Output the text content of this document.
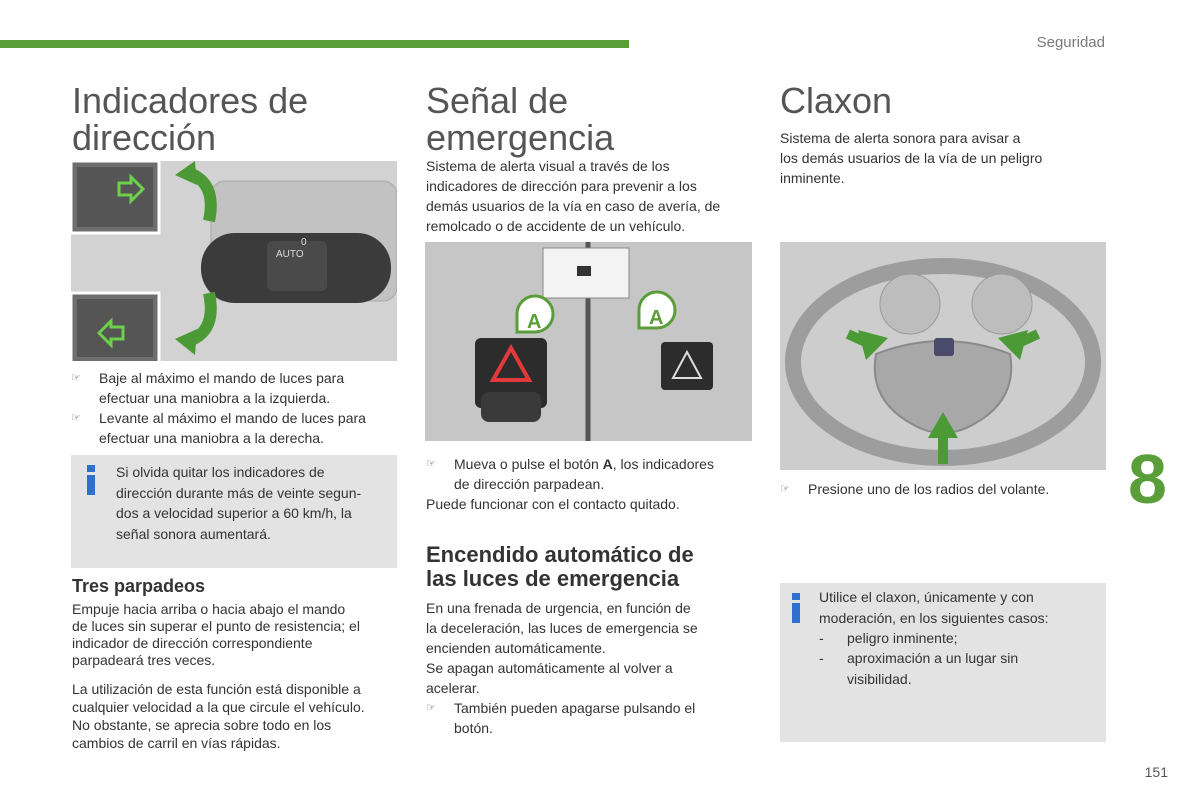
Seguridad
Indicadores de
dirección
AUTO
0
☞	Baje al máximo el mando de luces para
efectuar una maniobra a la izquierda.
☞	Levante al máximo el mando de luces para
efectuar una maniobra a la derecha.
Si olvida quitar los indicadores de
dirección durante más de veinte segun-
dos a velocidad superior a 60 km/h, la
señal sonora aumentará.
Tres parpadeos
Empuje hacia arriba o hacia abajo el mando
de luces sin superar el punto de resistencia; el
indicador de dirección correspondiente
parpadeará tres veces.
La utilización de esta función está disponible a
cualquier velocidad a la que circule el vehículo.
No obstante, se aprecia sobre todo en los
cambios de carril en vías rápidas.
Señal de
emergencia
Sistema de alerta visual a través de los
indicadores de dirección para prevenir a los
demás usuarios de la vía en caso de avería, de
remolcado o de accidente de un vehículo.
A	A
☞	Mueva o pulse el botón A, los indicadores
de dirección parpadean.
Puede funcionar con el contacto quitado.
Encendido automático de
las luces de emergencia
En una frenada de urgencia, en función de
la deceleración, las luces de emergencia se
encienden automáticamente.
Se apagan automáticamente al volver a
acelerar.
☞	También pueden apagarse pulsando el
botón.
Claxon
Sistema de alerta sonora para avisar a
los demás usuarios de la vía de un peligro
inminente.
☞	Presione uno de los radios del volante.
Utilice el claxon, únicamente y con
moderación, en los siguientes casos:
-	peligro inminente;
-	aproximación a un lugar sin
visibilidad.
8
151
